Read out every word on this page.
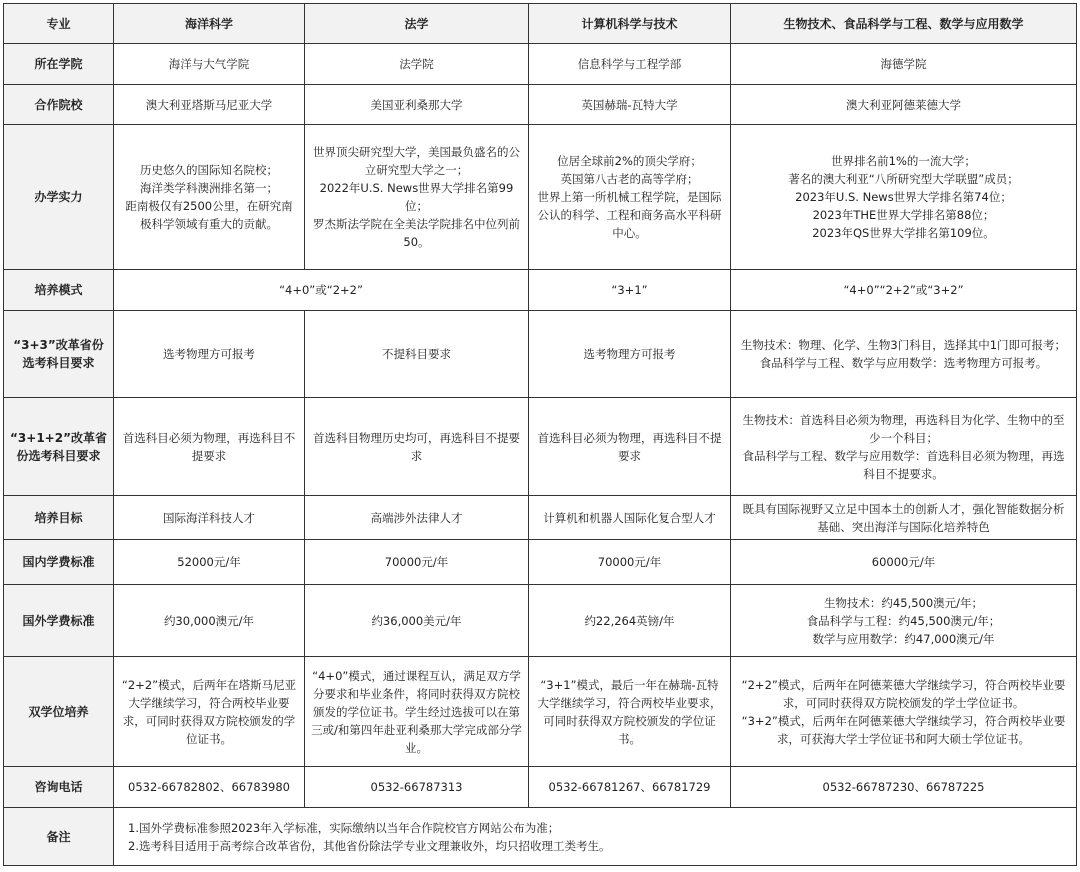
专业	海洋科学	法学	计算机科学与技术	生物技术、食品科学与工程、数学与应用数学
所在学院	海洋与大气学院	法学院	信息科学与工程学部	海德学院
合作院校	澳大利亚塔斯马尼亚大学	美国亚利桑那大学	英国赫瑞-瓦特大学	澳大利亚阿德莱德大学
办学实力	历史悠久的国际知名院校；
海洋类学科澳洲排名第一；
距南极仅有2500公里，在研究南极科学领域有重大的贡献。	世界顶尖研究型大学，美国最负盛名的公立研究型大学之一；
2022年U.S. News世界大学排名第99位；
罗杰斯法学院在全美法学院排名中位列前50。	位居全球前2%的顶尖学府；
英国第八古老的高等学府；
世界上第一所机械工程学院，是国际公认的科学、工程和商务高水平科研中心。	世界排名前1%的一流大学；
著名的澳大利亚“八所研究型大学联盟”成员；
2023年U.S. News世界大学排名第74位；
2023年THE世界大学排名第88位；
2023年QS世界大学排名第109位。
培养模式	“4+0”或“2+2”		“3+1”	“4+0”“2+2”或“3+2”
“3+3”改革省份选考科目要求	选考物理方可报考	不提科目要求	选考物理方可报考	生物技术：物理、化学、生物3门科目，选择其中1门即可报考；
食品科学与工程、数学与应用数学：选考物理方可报考。
“3+1+2”改革省份选考科目要求	首选科目必须为物理，再选科目不提要求	首选科目物理历史均可，再选科目不提要求	首选科目必须为物理，再选科目不提要求	生物技术：首选科目必须为物理，再选科目为化学、生物中的至少一个科目；
食品科学与工程、数学与应用数学：首选科目必须为物理，再选科目不提要求。
培养目标	国际海洋科技人才	高端涉外法律人才	计算机和机器人国际化复合型人才	既具有国际视野又立足中国本土的创新人才，强化智能数据分析基础、突出海洋与国际化培养特色
国内学费标准	52000元/年	70000元/年	70000元/年	60000元/年
国外学费标准	约30,000澳元/年	约36,000美元/年	约22,264英镑/年	生物技术：约45,500澳元/年；
食品科学与工程：约45,500澳元/年；
数学与应用数学：约47,000澳元/年
双学位培养	“2+2”模式，后两年在塔斯马尼亚大学继续学习，符合两校毕业要求，可同时获得双方院校颁发的学位证书。	“4+0”模式，通过课程互认，满足双方学分要求和毕业条件，将同时获得双方院校颁发的学位证书。学生经过选拔可以在第三或/和第四年赴亚利桑那大学完成部分学业。	“3+1”模式，最后一年在赫瑞-瓦特大学继续学习，符合两校毕业要求，可同时获得双方院校颁发的学位证书。	“2+2”模式，后两年在阿德莱德大学继续学习，符合两校毕业要求，可同时获得双方院校颁发的学士学位证书。
“3+2”模式，后两年在阿德莱德大学继续学习，符合两校毕业要求，可获海大学士学位证书和阿大硕士学位证书。
咨询电话	0532-66782802、66783980	0532-66787313	0532-66781267、66781729	0532-66787230、66787225
备注	1.国外学费标准参照2023年入学标准，实际缴纳以当年合作院校官方网站公布为准；
2.选考科目适用于高考综合改革省份，其他省份除法学专业文理兼收外，均只招收理工类考生。			
